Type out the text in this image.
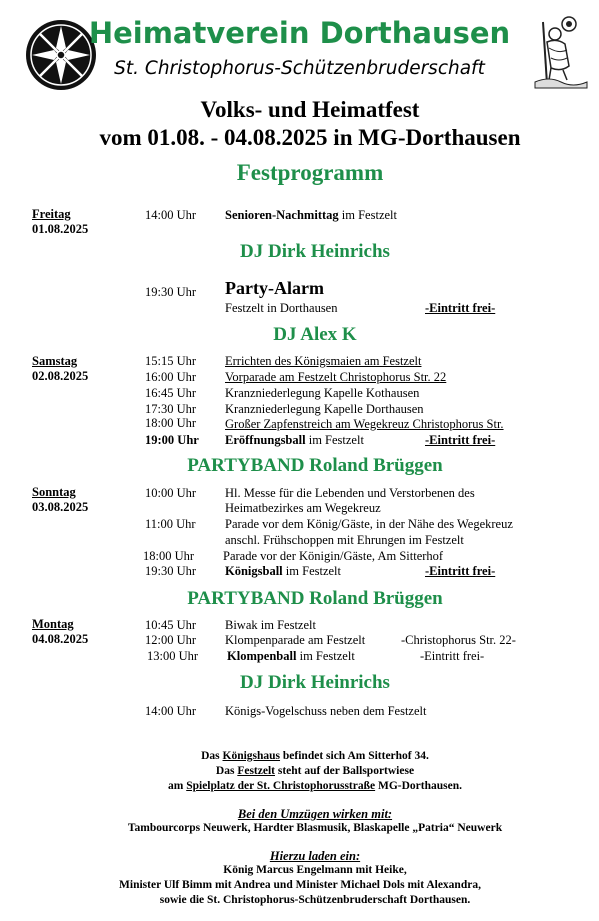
Heimatverein Dorthausen
St. Christophorus-Schützenbruderschaft
Volks- und Heimatfest
vom 01.08. - 04.08.2025 in MG-Dorthausen
Festprogramm
Freitag
01.08.2025
14:00 Uhr Senioren-Nachmittag im Festzelt
DJ Dirk Heinrichs
19:30 Uhr Party-Alarm
Festzelt in Dorthausen	-Eintritt frei-
DJ Alex K
Samstag
02.08.2025
15:15 Uhr Errichten des Königsmaien am Festzelt
16:00 Uhr Vorparade am Festzelt Christophorus Str. 22
16:45 Uhr Kranzniederlegung Kapelle Kothausen
17:30 Uhr Kranzniederlegung Kapelle Dorthausen
18:00 Uhr Großer Zapfenstreich am Wegekreuz Christophorus Str.
19:00 Uhr Eröffnungsball im Festzelt	-Eintritt frei-
PARTYBAND Roland Brüggen
Sonntag
03.08.2025
10:00 Uhr Hl. Messe für die Lebenden und Verstorbenen des
Heimatbezirkes am Wegekreuz
11:00 Uhr Parade vor dem König/Gäste, in der Nähe des Wegekreuz
anschl. Frühschoppen mit Ehrungen im Festzelt
18:00 Uhr Parade vor der Königin/Gäste, Am Sitterhof
19:30 Uhr Königsball im Festzelt	-Eintritt frei-
PARTYBAND Roland Brüggen
Montag
04.08.2025
10:45 Uhr Biwak im Festzelt
12:00 Uhr Klompenparade am Festzelt	-Christophorus Str. 22-
13:00 Uhr Klompenball im Festzelt	-Eintritt frei-
DJ Dirk Heinrichs
14:00 Uhr Königs-Vogelschuss neben dem Festzelt
Das Königshaus befindet sich Am Sitterhof 34.
Das Festzelt steht auf der Ballsportwiese
am Spielplatz der St. Christophorusstraße MG-Dorthausen.
Bei den Umzügen wirken mit:
Tambourcorps Neuwerk, Hardter Blasmusik, Blaskapelle „Patria“ Neuwerk
Hierzu laden ein:
König Marcus Engelmann mit Heike,
Minister Ulf Bimm mit Andrea und Minister Michael Dols mit Alexandra,
sowie die St. Christophorus-Schützenbruderschaft Dorthausen.
